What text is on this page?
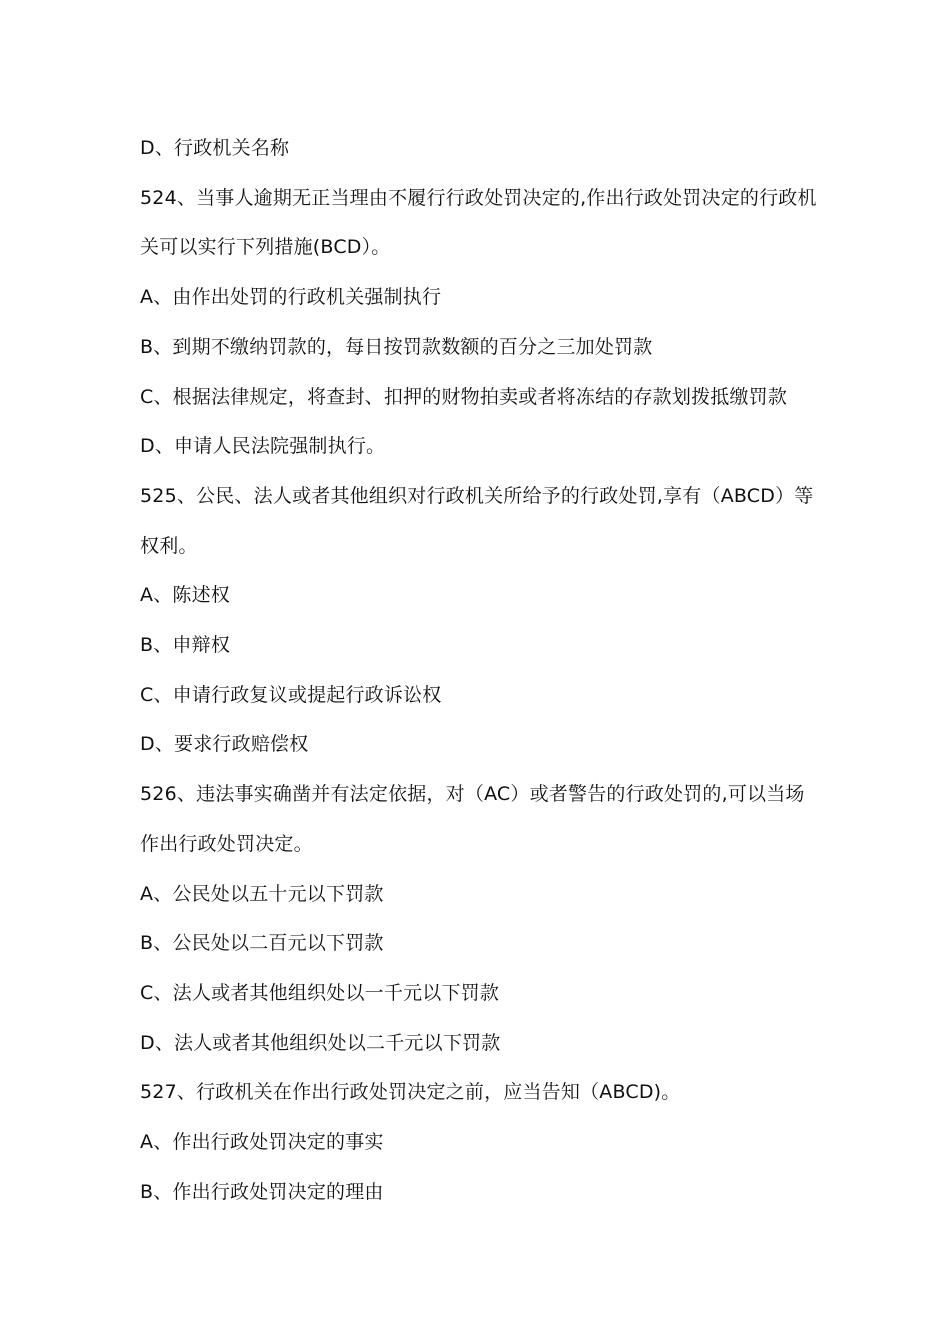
D、行政机关名称
524、当事人逾期无正当理由不履行行政处罚决定的,作出行政处罚决定的行政机
关可以实行下列措施(BCD）。
A、由作出处罚的行政机关强制执行
B、到期不缴纳罚款的，每日按罚款数额的百分之三加处罚款
C、根据法律规定，将查封、扣押的财物拍卖或者将冻结的存款划拨抵缴罚款
D、申请人民法院强制执行。
525、公民、法人或者其他组织对行政机关所给予的行政处罚,享有（ABCD）等
权利。
A、陈述权
B、申辩权
C、申请行政复议或提起行政诉讼权
D、要求行政赔偿权
526、违法事实确凿并有法定依据，对（AC）或者警告的行政处罚的,可以当场
作出行政处罚决定。
A、公民处以五十元以下罚款
B、公民处以二百元以下罚款
C、法人或者其他组织处以一千元以下罚款
D、法人或者其他组织处以二千元以下罚款
527、行政机关在作出行政处罚决定之前，应当告知（ABCD)。
A、作出行政处罚决定的事实
B、作出行政处罚决定的理由
